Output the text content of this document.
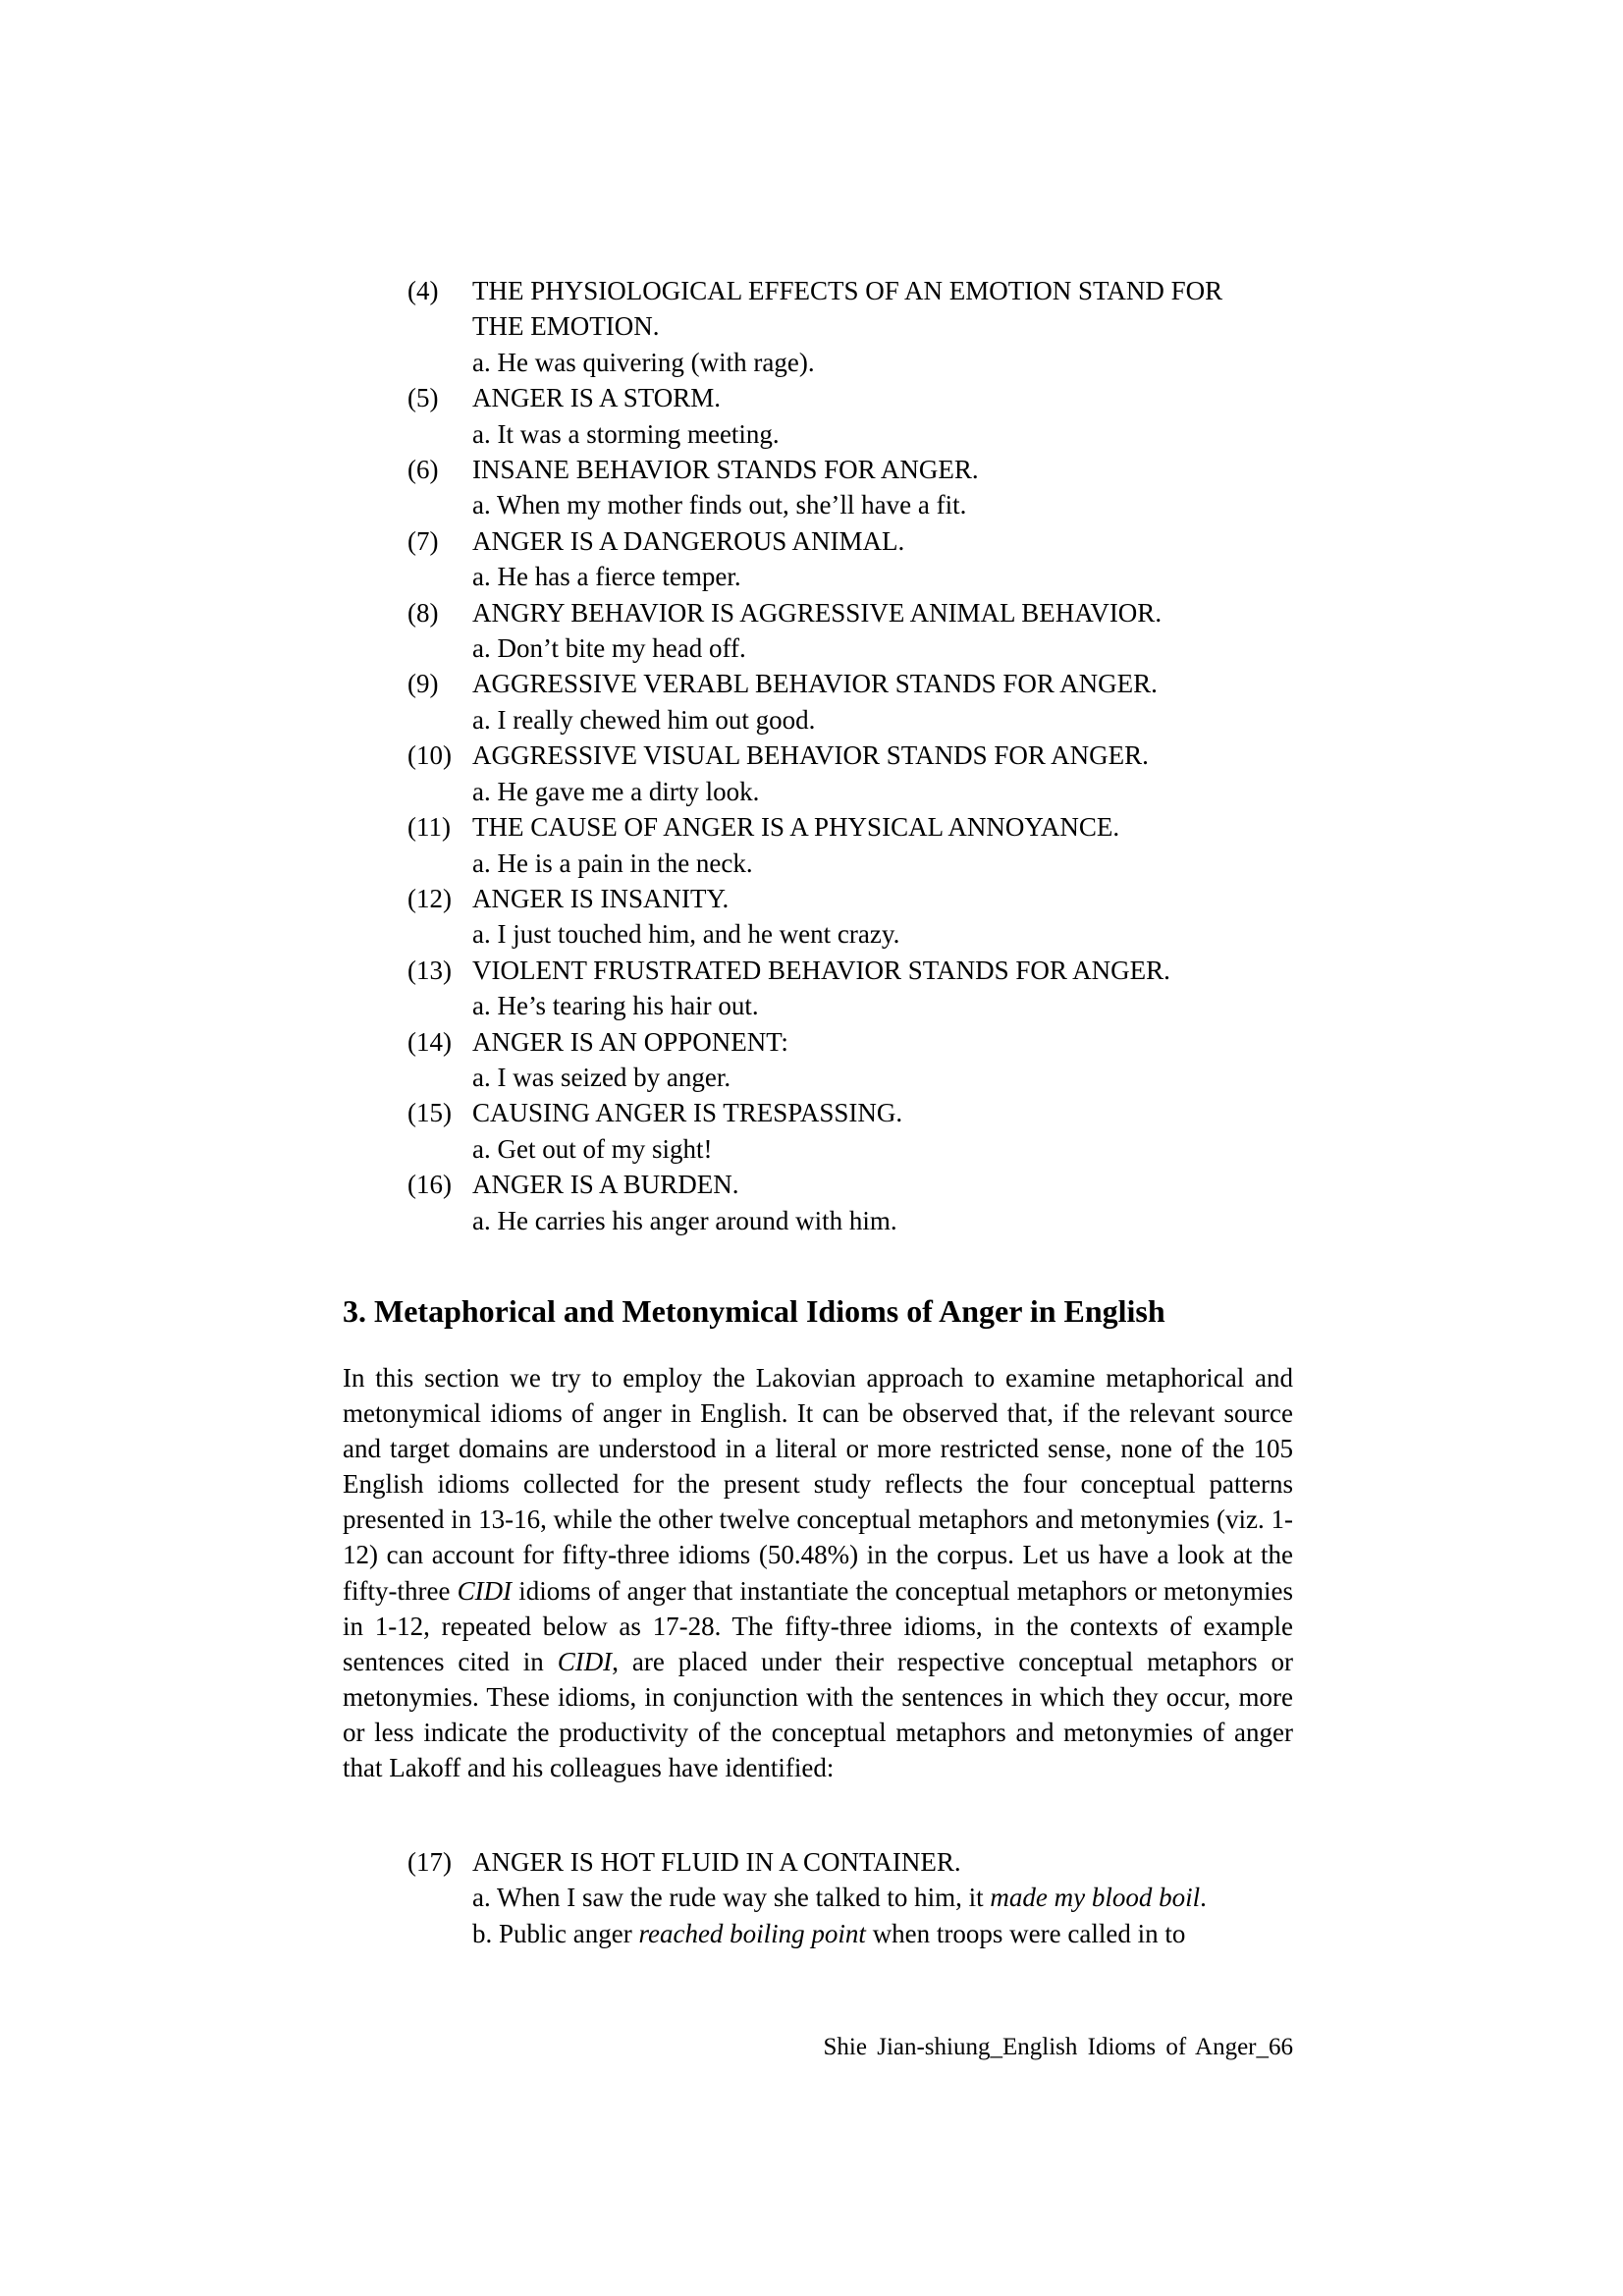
(4) THE PHYSIOLOGICAL EFFECTS OF AN EMOTION STAND FOR
THE EMOTION.
a. He was quivering (with rage).
(5) ANGER IS A STORM.
a. It was a storming meeting.
(6) INSANE BEHAVIOR STANDS FOR ANGER.
a. When my mother finds out, she’ll have a fit.
(7) ANGER IS A DANGEROUS ANIMAL.
a. He has a fierce temper.
(8) ANGRY BEHAVIOR IS AGGRESSIVE ANIMAL BEHAVIOR.
a. Don’t bite my head off.
(9) AGGRESSIVE VERABL BEHAVIOR STANDS FOR ANGER.
a. I really chewed him out good.
(10) AGGRESSIVE VISUAL BEHAVIOR STANDS FOR ANGER.
a. He gave me a dirty look.
(11) THE CAUSE OF ANGER IS A PHYSICAL ANNOYANCE.
a. He is a pain in the neck.
(12) ANGER IS INSANITY.
a. I just touched him, and he went crazy.
(13) VIOLENT FRUSTRATED BEHAVIOR STANDS FOR ANGER.
a. He’s tearing his hair out.
(14) ANGER IS AN OPPONENT:
a. I was seized by anger.
(15) CAUSING ANGER IS TRESPASSING.
a. Get out of my sight!
(16) ANGER IS A BURDEN.
a. He carries his anger around with him.
3. Metaphorical and Metonymical Idioms of Anger in English

In this section we try to employ the Lakovian approach to examine metaphorical and metonymical idioms of anger in English. It can be observed that, if the relevant source and target domains are understood in a literal or more restricted sense, none of the 105 English idioms collected for the present study reflects the four conceptual patterns presented in 13-16, while the other twelve conceptual metaphors and metonymies (viz. 1-12) can account for fifty-three idioms (50.48%) in the corpus. Let us have a look at the fifty-three CIDI idioms of anger that instantiate the conceptual metaphors or metonymies in 1-12, repeated below as 17-28. The fifty-three idioms, in the contexts of example sentences cited in CIDI, are placed under their respective conceptual metaphors or metonymies. These idioms, in conjunction with the sentences in which they occur, more or less indicate the productivity of the conceptual metaphors and metonymies of anger that Lakoff and his colleagues have identified:

(17) ANGER IS HOT FLUID IN A CONTAINER.
a. When I saw the rude way she talked to him, it made my blood boil.
b. Public anger reached boiling point when troops were called in to
Shie Jian-shiung_English Idioms of Anger_66
